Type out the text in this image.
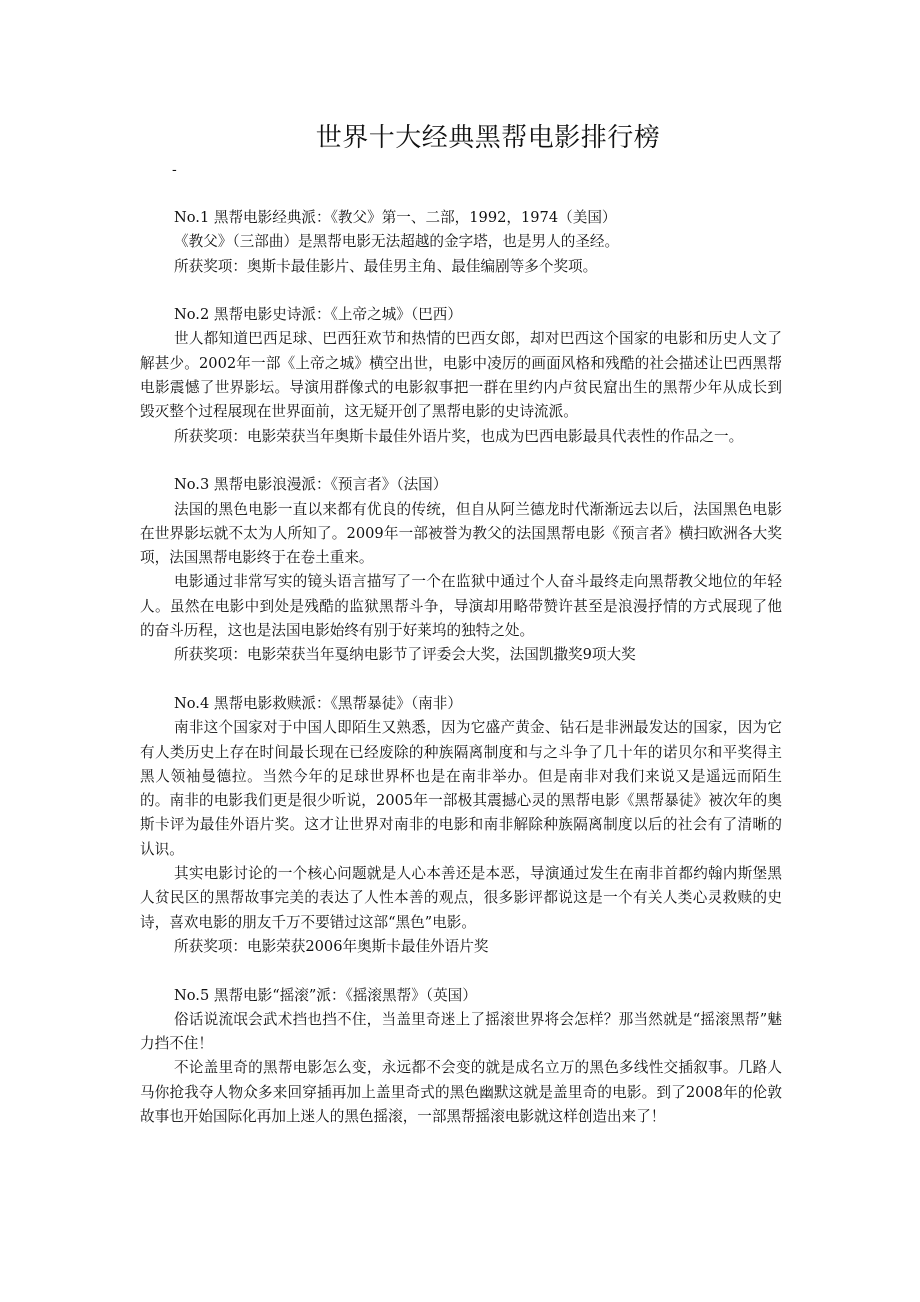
世界十大经典黑帮电影排行榜
-

No.1 黑帮电影经典派：《教父》第一、二部，1992，1974（美国）

《教父》（三部曲）是黑帮电影无法超越的金字塔，也是男人的圣经。

所获奖项：奥斯卡最佳影片、最佳男主角、最佳编剧等多个奖项。

No.2 黑帮电影史诗派：《上帝之城》（巴西）

世人都知道巴西足球、巴西狂欢节和热情的巴西女郎，却对巴西这个国家的电影和历史人文了解甚少。2002年一部《上帝之城》横空出世，电影中凌厉的画面风格和残酷的社会描述让巴西黑帮电影震憾了世界影坛。导演用群像式的电影叙事把一群在里约内卢贫民窟出生的黑帮少年从成长到毁灭整个过程展现在世界面前，这无疑开创了黑帮电影的史诗流派。

所获奖项：电影荣获当年奥斯卡最佳外语片奖，也成为巴西电影最具代表性的作品之一。

No.3 黑帮电影浪漫派：《预言者》（法国）

法国的黑色电影一直以来都有优良的传统，但自从阿兰德龙时代渐渐远去以后，法国黑色电影在世界影坛就不太为人所知了。2009年一部被誉为教父的法国黑帮电影《预言者》横扫欧洲各大奖项，法国黑帮电影终于在卷土重来。

电影通过非常写实的镜头语言描写了一个在监狱中通过个人奋斗最终走向黑帮教父地位的年轻人。虽然在电影中到处是残酷的监狱黑帮斗争，导演却用略带赞许甚至是浪漫抒情的方式展现了他的奋斗历程，这也是法国电影始终有别于好莱坞的独特之处。

所获奖项：电影荣获当年戛纳电影节了评委会大奖，法国凯撒奖9项大奖

No.4 黑帮电影救赎派：《黑帮暴徒》（南非）

南非这个国家对于中国人即陌生又熟悉，因为它盛产黄金、钻石是非洲最发达的国家，因为它有人类历史上存在时间最长现在已经废除的种族隔离制度和与之斗争了几十年的诺贝尔和平奖得主黑人领袖曼德拉。当然今年的足球世界杯也是在南非举办。但是南非对我们来说又是遥远而陌生的。南非的电影我们更是很少听说，2005年一部极其震撼心灵的黑帮电影《黑帮暴徒》被次年的奥斯卡评为最佳外语片奖。这才让世界对南非的电影和南非解除种族隔离制度以后的社会有了清晰的认识。

其实电影讨论的一个核心问题就是人心本善还是本恶，导演通过发生在南非首都约翰内斯堡黑人贫民区的黑帮故事完美的表达了人性本善的观点，很多影评都说这是一个有关人类心灵救赎的史诗，喜欢电影的朋友千万不要错过这部“黑色”电影。

所获奖项：电影荣获2006年奥斯卡最佳外语片奖

No.5 黑帮电影“摇滚”派：《摇滚黑帮》（英国）

俗话说流氓会武术挡也挡不住，当盖里奇迷上了摇滚世界将会怎样？那当然就是“摇滚黑帮”魅力挡不住！

不论盖里奇的黑帮电影怎么变，永远都不会变的就是成名立万的黑色多线性交插叙事。几路人马你抢我夺人物众多来回穿插再加上盖里奇式的黑色幽默这就是盖里奇的电影。到了2008年的伦敦故事也开始国际化再加上迷人的黑色摇滚，一部黑帮摇滚电影就这样创造出来了！
